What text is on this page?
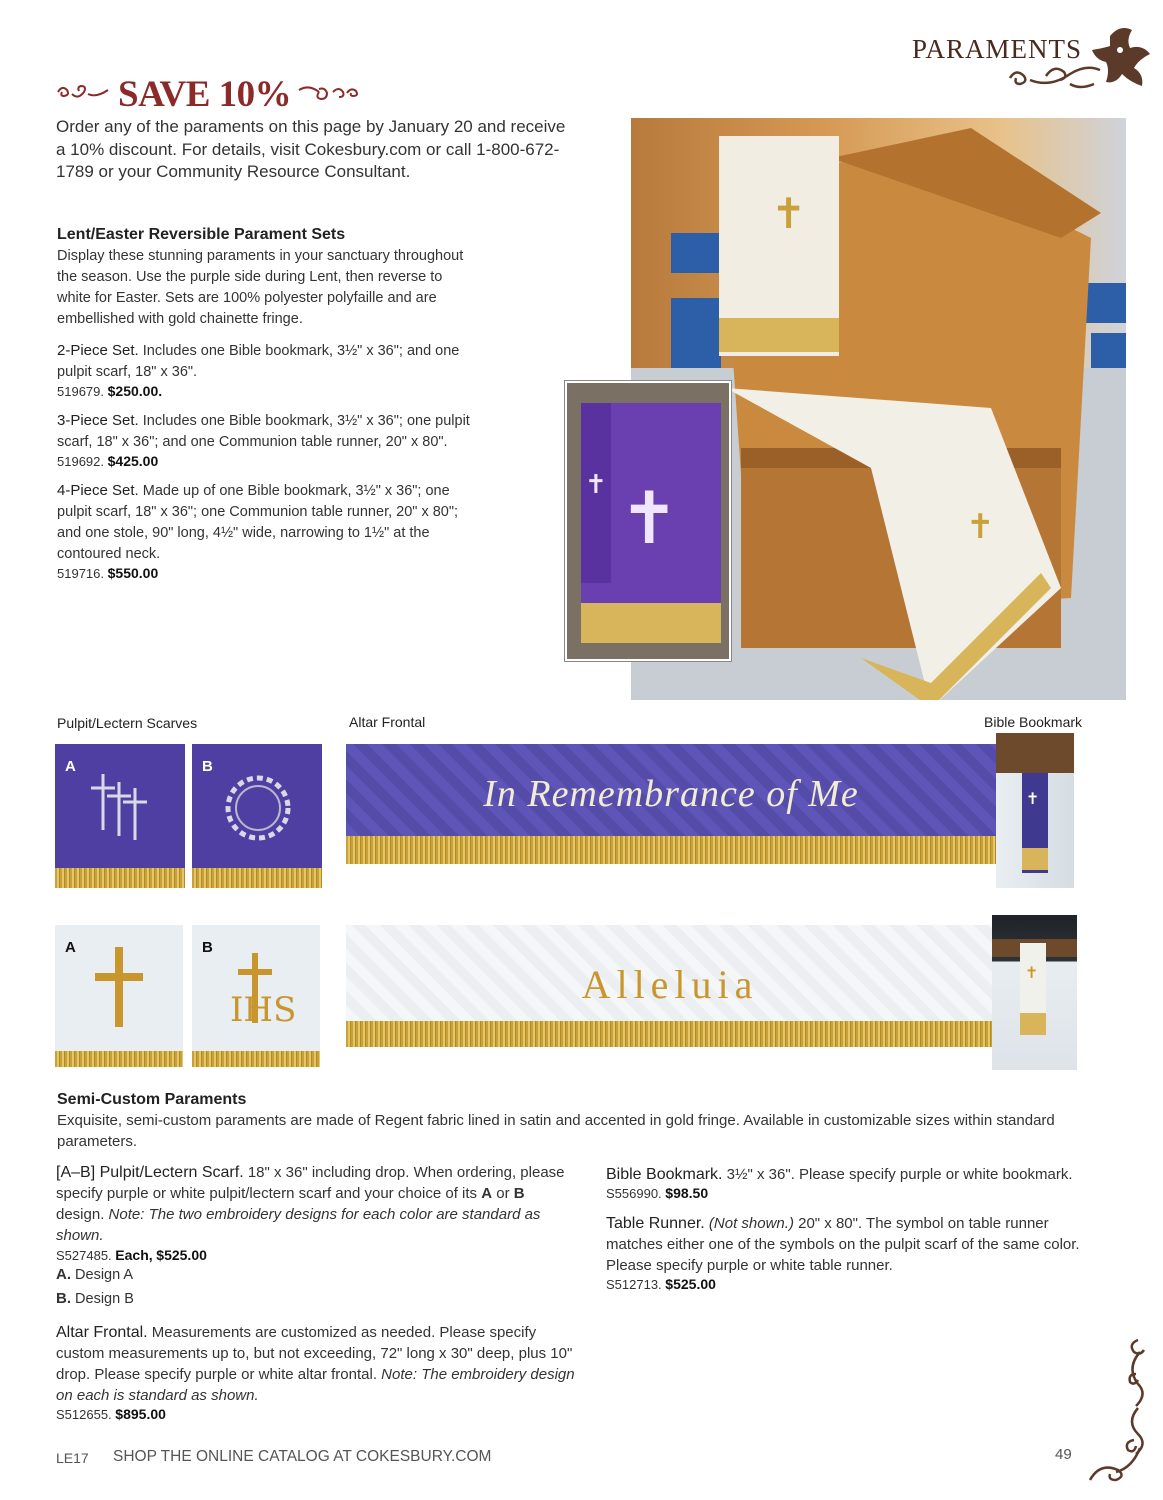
PARAMENTS
SAVE 10%
Order any of the paraments on this page by January 20 and receive a 10% discount. For details, visit Cokesbury.com or call 1-800-672-1789 or your Community Resource Consultant.
Lent/Easter Reversible Parament Sets

Display these stunning paraments in your sanctuary throughout the season. Use the purple side during Lent, then reverse to white for Easter. Sets are 100% polyester polyfaille and are embellished with gold chainette fringe.

2-Piece Set. Includes one Bible bookmark, 3½" x 36"; and one pulpit scarf, 18" x 36".
519679. $250.00.
3-Piece Set. Includes one Bible bookmark, 3½" x 36"; one pulpit scarf, 18" x 36"; and one Communion table runner, 20" x 80".
519692. $425.00
4-Piece Set. Made up of one Bible bookmark, 3½" x 36"; one pulpit scarf, 18" x 36"; one Communion table runner, 20" x 80"; and one stole, 90" long, 4½" wide, narrowing to 1½" at the contoured neck.
519716. $550.00
✝
✝
✝
✝
Pulpit/Lectern Scarves	Altar Frontal	Bible Bookmark
A	B
In Remembrance of Me	✝
A	B
IHS
Alleluia	✝
Semi-Custom Paraments
Exquisite, semi-custom paraments are made of Regent fabric lined in satin and accented in gold fringe. Available in customizable sizes within standard parameters.
[A–B] Pulpit/Lectern Scarf. 18" x 36" including drop. When ordering, please specify purple or white pulpit/lectern scarf and your choice of its A or B design. Note: The two embroidery designs for each color are standard as shown.
S527485. Each, $525.00
A. Design A
B. Design B
Altar Frontal. Measurements are customized as needed. Please specify custom measurements up to, but not exceeding, 72" long x 30" deep, plus 10" drop. Please specify purple or white altar frontal. Note: The embroidery design on each is standard as shown.
S512655. $895.00
Bible Bookmark. 3½" x 36". Please specify purple or white bookmark.
S556990. $98.50
Table Runner. (Not shown.) 20" x 80". The symbol on table runner matches either one of the symbols on the pulpit scarf of the same color. Please specify purple or white table runner.
S512713. $525.00
LE17 SHOP THE ONLINE CATALOG AT COKESBURY.COM	49
